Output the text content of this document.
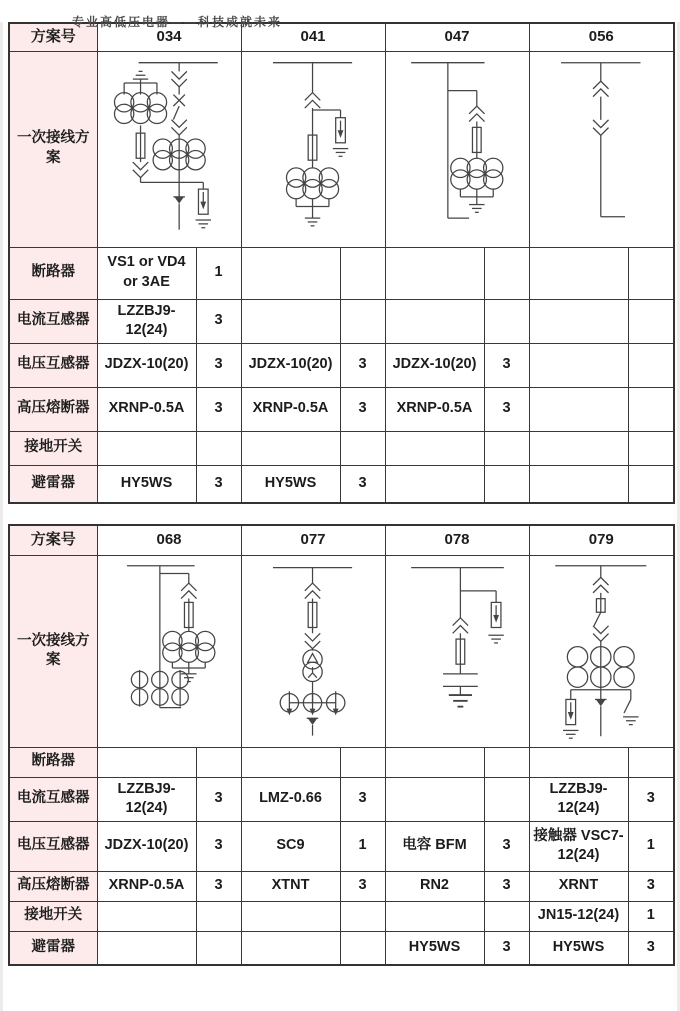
专业高低压电器——科技成就未来
方案号	034		041		047		056	
一次接线方案	

断路器	VS1 or VD4 or 3AE	1						
电流互感器	LZZBJ9-12(24)	3						
电压互感器	JDZX-10(20)	3	JDZX-10(20)	3	JDZX-10(20)	3		
高压熔断器	XRNP-0.5A	3	XRNP-0.5A	3	XRNP-0.5A	3		
接地开关								
避雷器	HY5WS	3	HY5WS	3				
方案号	068		077		078		079	
一次接线方案	

断路器								
电流互感器	LZZBJ9-12(24)	3	LMZ-0.66	3			LZZBJ9-12(24)	3
电压互感器	JDZX-10(20)	3	SC9	1	电容 BFM	3	接触器 VSC7-12(24)	1
高压熔断器	XRNP-0.5A	3	XTNT	3	RN2	3	XRNT	3
接地开关							JN15-12(24)	1
避雷器					HY5WS	3	HY5WS	3
